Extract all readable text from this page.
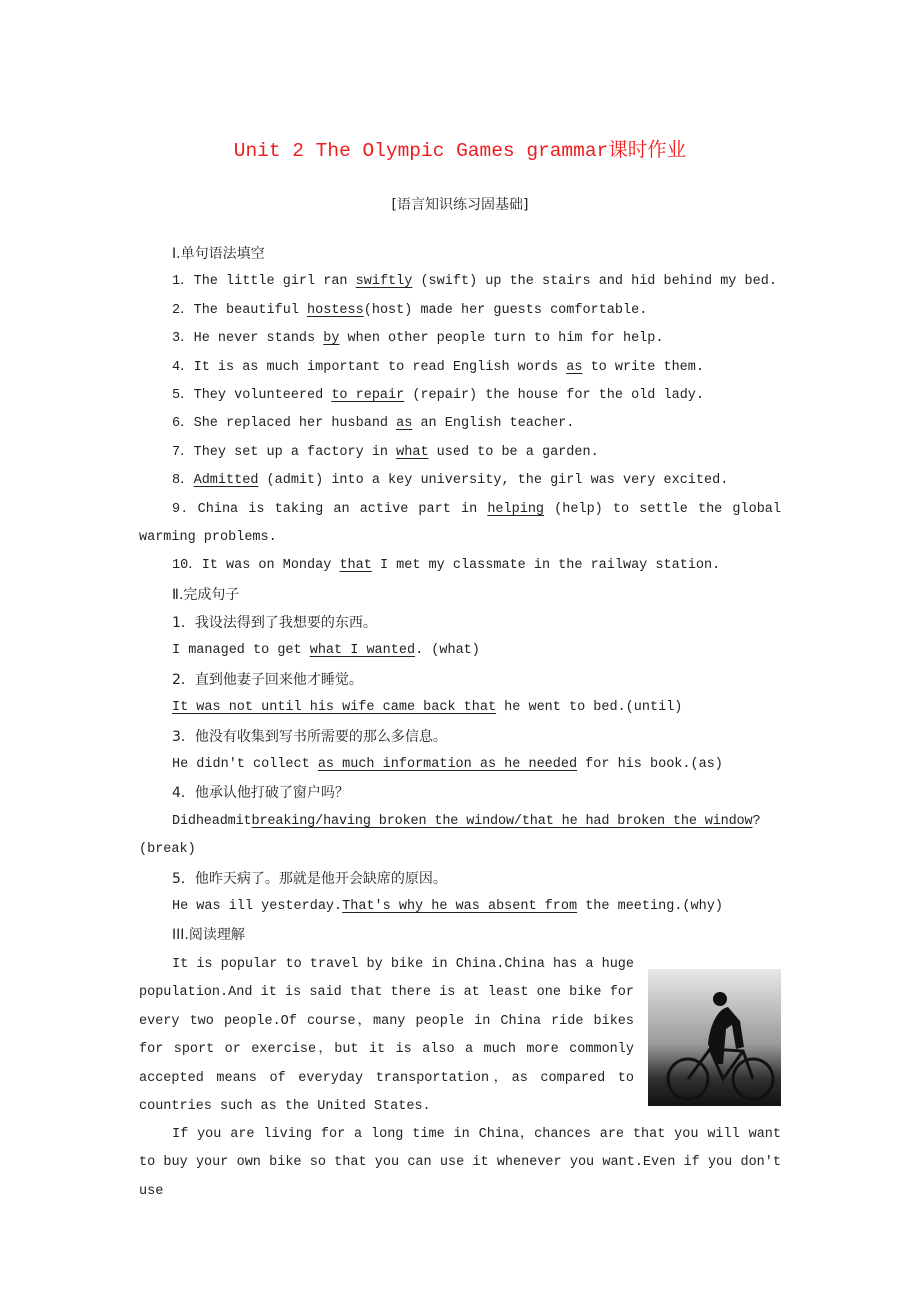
Unit 2 The Olympic Games grammar课时作业
[语言知识练习固基础]
Ⅰ.单句语法填空
1．The little girl ran swiftly (swift) up the stairs and hid behind my bed.
2．The beautiful hostess(host) made her guests comfortable.
3．He never stands by when other people turn to him for help.
4．It is as much important to read English words as to write them.
5．They volunteered to repair (repair) the house for the old lady.
6．She replaced her husband as an English teacher.
7．They set up a factory in what used to be a garden.
8．Admitted (admit) into a key university, the girl was very excited.
9．China is taking an active part in helping (help) to settle the global
warming problems.
10．It was on Monday that I met my classmate in the railway station.
Ⅱ.完成句子
1．我设法得到了我想要的东西。
I managed to get what I wanted. (what)
2．直到他妻子回来他才睡觉。
It was not until his wife came back that he went to bed.(until)
3．他没有收集到写书所需要的那么多信息。
He didn't collect as much information as he needed for his book.(as)
4．他承认他打破了窗户吗？
Didheadmitbreaking/having broken the window/that he had broken the window?
(break)
5．他昨天病了。那就是他开会缺席的原因。
He was ill yesterday.That's why he was absent from the meeting.(why)
III.阅读理解
It is popular to travel by bike in China.China has a huge population.And it is said that there is at least one bike for every two people.Of course，many people in China ride bikes for sport or exercise，but it is also a much more commonly accepted means of everyday transportation，as compared to countries such as the United States.
If you are living for a long time in China，chances are that you will want to buy your own bike so that you can use it whenever you want.Even if you don't use
